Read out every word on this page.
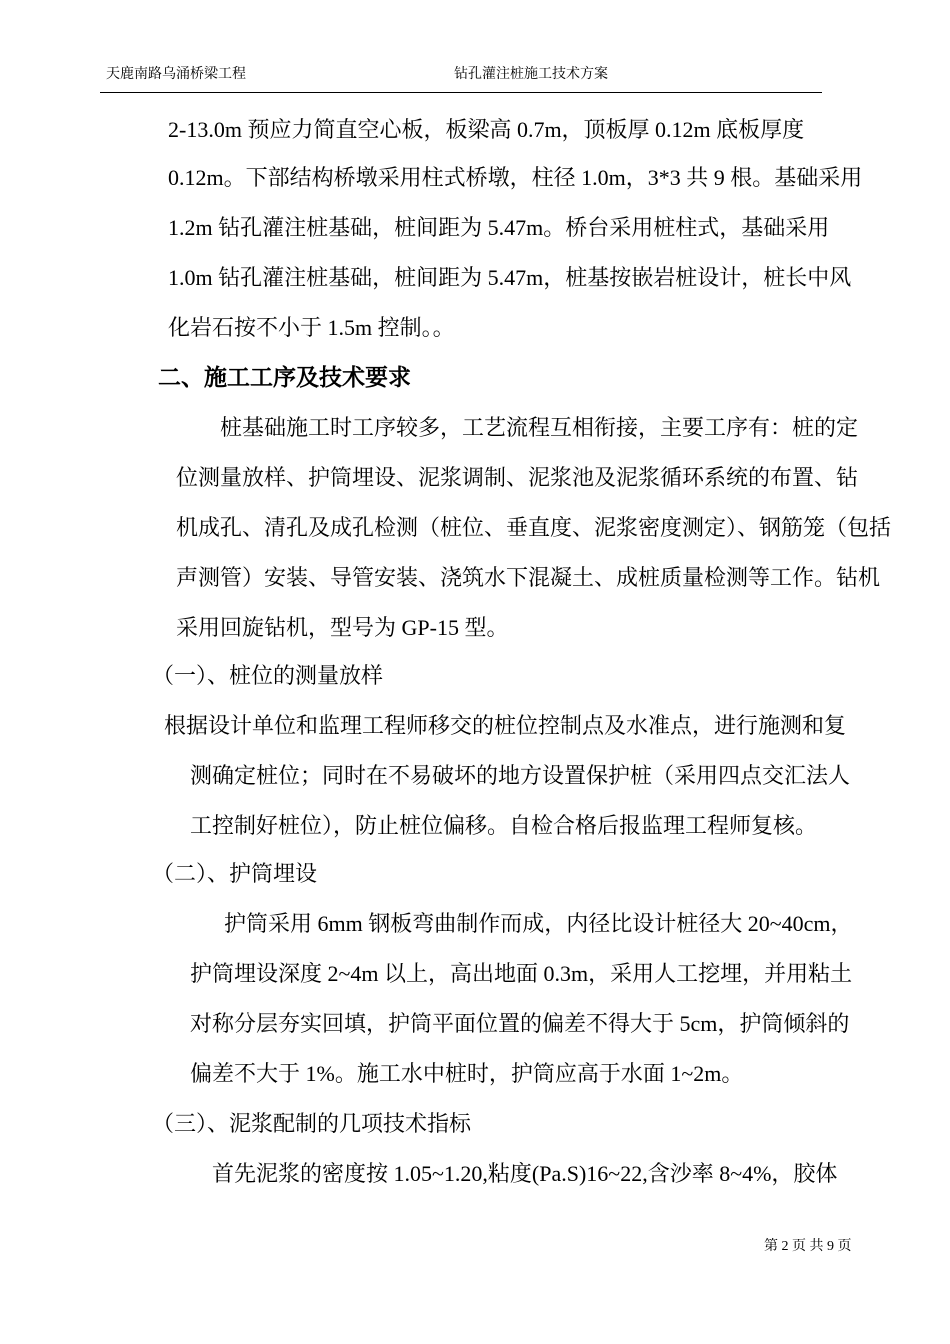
天鹿南路乌涌桥梁工程	钻孔灌注桩施工技术方案
2-13.0m 预应力简直空心板，板梁高 0.7m，顶板厚 0.12m 底板厚度
0.12m。下部结构桥墩采用柱式桥墩，柱径 1.0m，3*3 共 9 根。基础采用
1.2m 钻孔灌注桩基础，桩间距为 5.47m。桥台采用桩柱式，基础采用
1.0m 钻孔灌注桩基础，桩间距为 5.47m，桩基按嵌岩桩设计，桩长中风
化岩石按不小于 1.5m 控制。。
二、施工工序及技术要求
桩基础施工时工序较多，工艺流程互相衔接，主要工序有：桩的定
位测量放样、护筒埋设、泥浆调制、泥浆池及泥浆循环系统的布置、钻
机成孔、清孔及成孔检测（桩位、垂直度、泥浆密度测定）、钢筋笼（包括
声测管）安装、导管安装、浇筑水下混凝土、成桩质量检测等工作。钻机
采用回旋钻机，型号为 GP-15 型。
（一）、桩位的测量放样
根据设计单位和监理工程师移交的桩位控制点及水准点，进行施测和复
测确定桩位；同时在不易破坏的地方设置保护桩（采用四点交汇法人
工控制好桩位），防止桩位偏移。自检合格后报监理工程师复核。
（二）、护筒埋设
护筒采用 6mm 钢板弯曲制作而成，内径比设计桩径大 20~40cm，
护筒埋设深度 2~4m 以上，高出地面 0.3m，采用人工挖埋，并用粘土
对称分层夯实回填，护筒平面位置的偏差不得大于 5cm，护筒倾斜的
偏差不大于 1%。施工水中桩时，护筒应高于水面 1~2m。
（三）、泥浆配制的几项技术指标
首先泥浆的密度按 1.05~1.20,粘度(Pa.S)16~22,含沙率 8~4%，胶体
第 2 页 共 9 页
